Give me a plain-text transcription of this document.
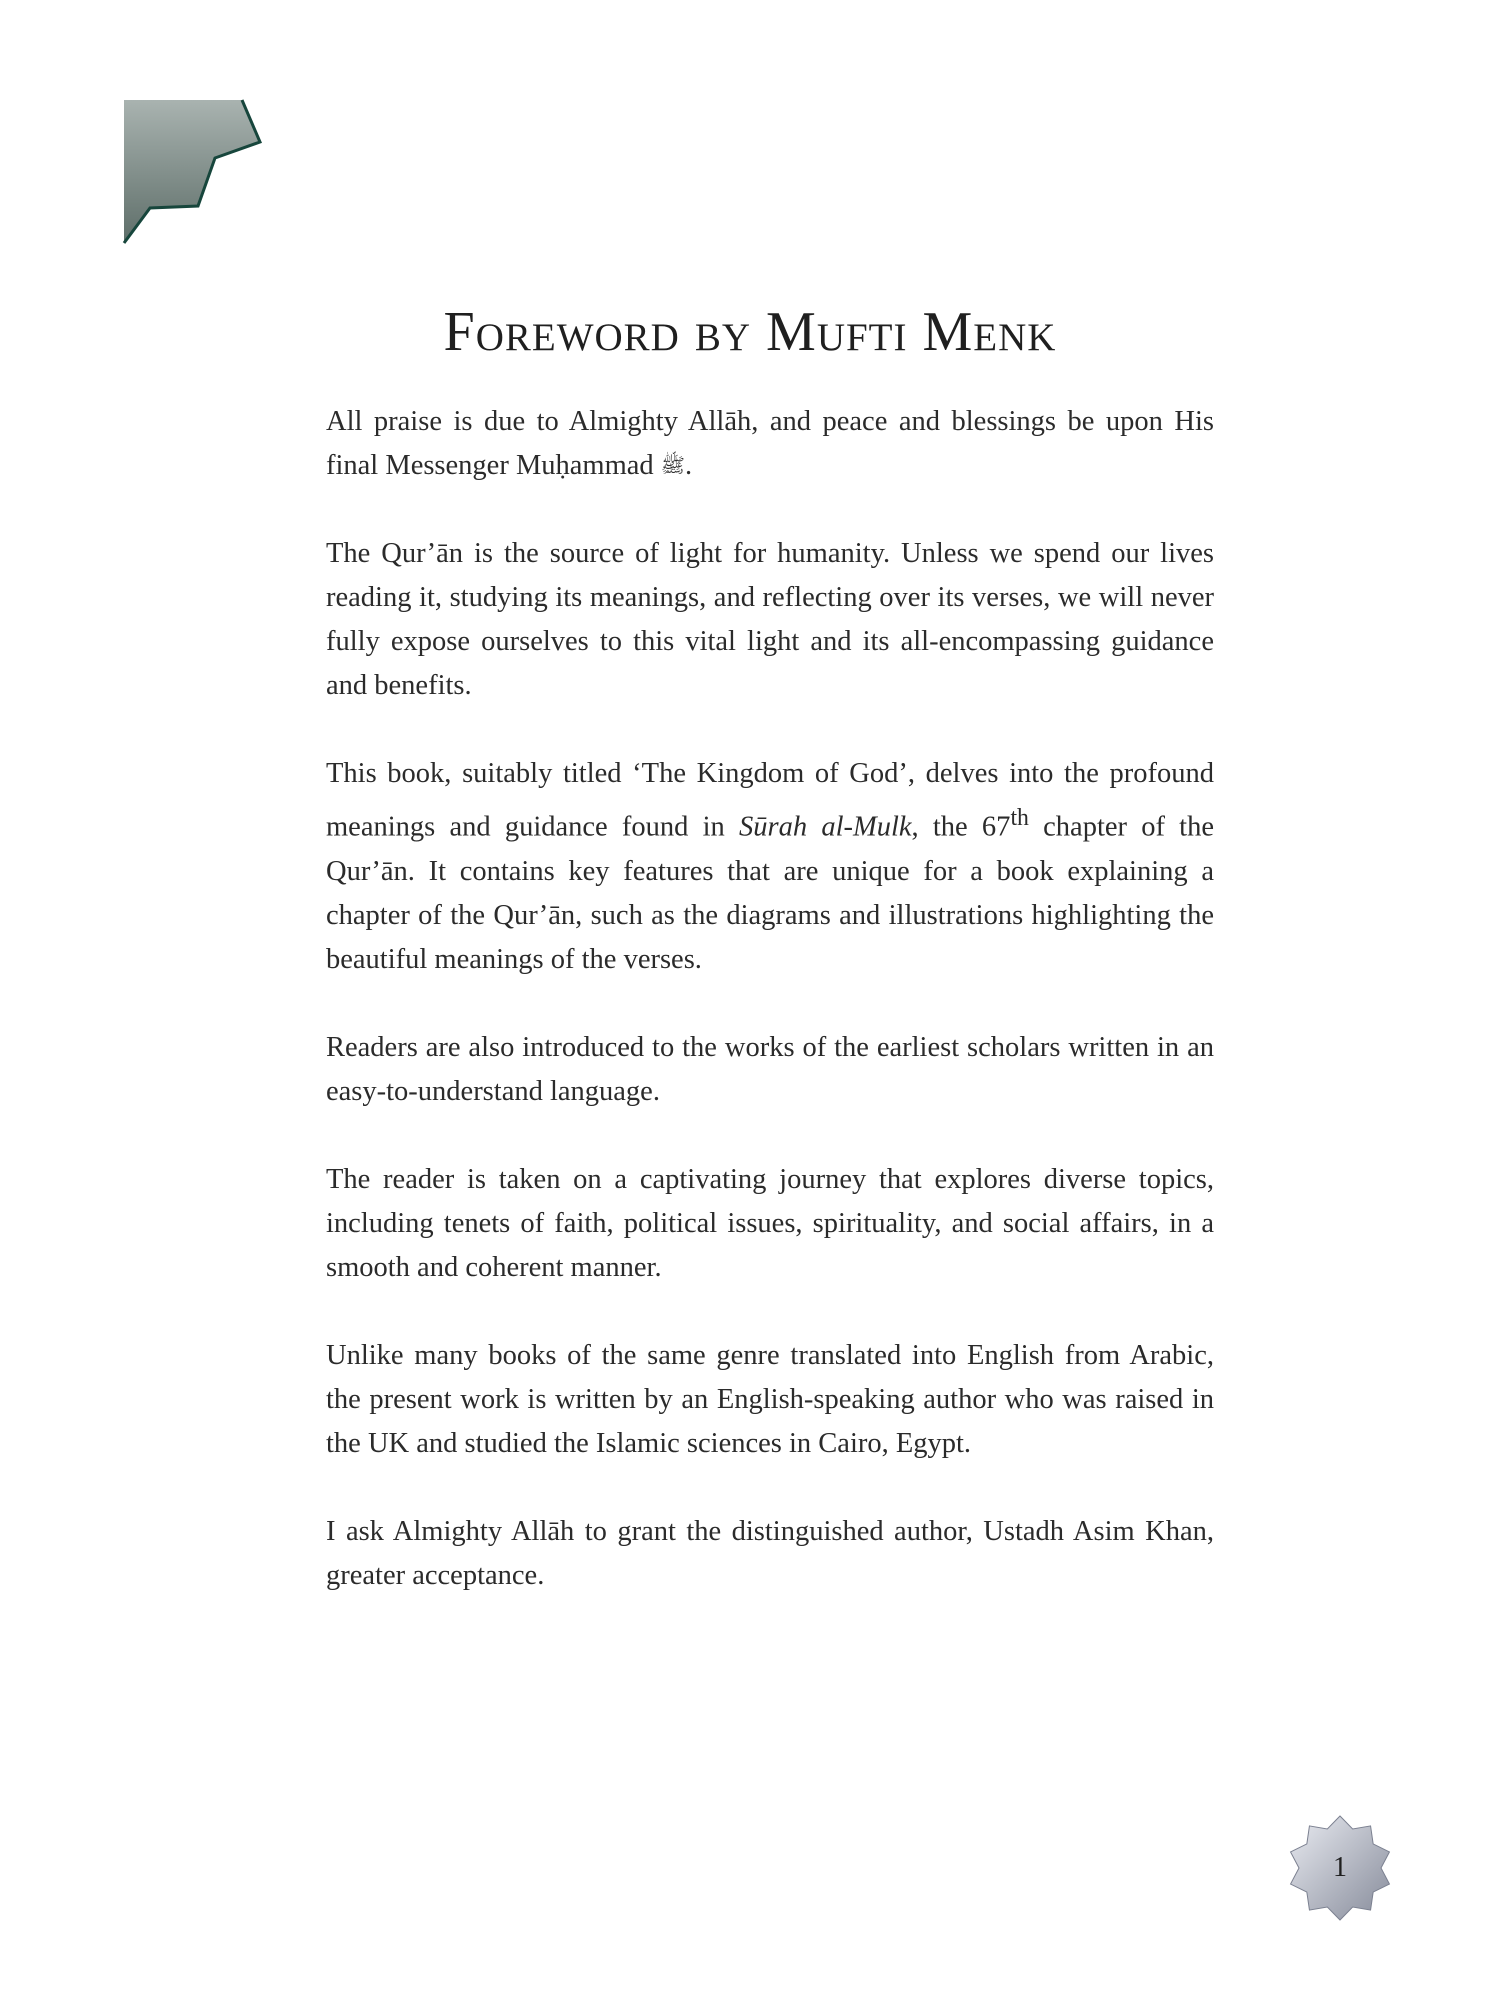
Foreword by Mufti Menk

All praise is due to Almighty Allāh, and peace and blessings be upon His final Messenger Muḥammad ﷺ.

The Qur’ān is the source of light for humanity. Unless we spend our lives reading it, studying its meanings, and reflecting over its verses, we will never fully expose ourselves to this vital light and its all-encompassing guidance and benefits.

This book, suitably titled ‘The Kingdom of God’, delves into the profound meanings and guidance found in Sūrah al-Mulk, the 67th chapter of the Qur’ān. It contains key features that are unique for a book explaining a chapter of the Qur’ān, such as the diagrams and illustrations highlighting the beautiful meanings of the verses.

Readers are also introduced to the works of the earliest scholars written in an easy-to-understand language.

The reader is taken on a captivating journey that explores diverse topics, including tenets of faith, political issues, spirituality, and social affairs, in a smooth and coherent manner.

Unlike many books of the same genre translated into English from Arabic, the present work is written by an English-speaking author who was raised in the UK and studied the Islamic sciences in Cairo, Egypt.

I ask Almighty Allāh to grant the distinguished author, Ustadh Asim Khan, greater acceptance.

1
